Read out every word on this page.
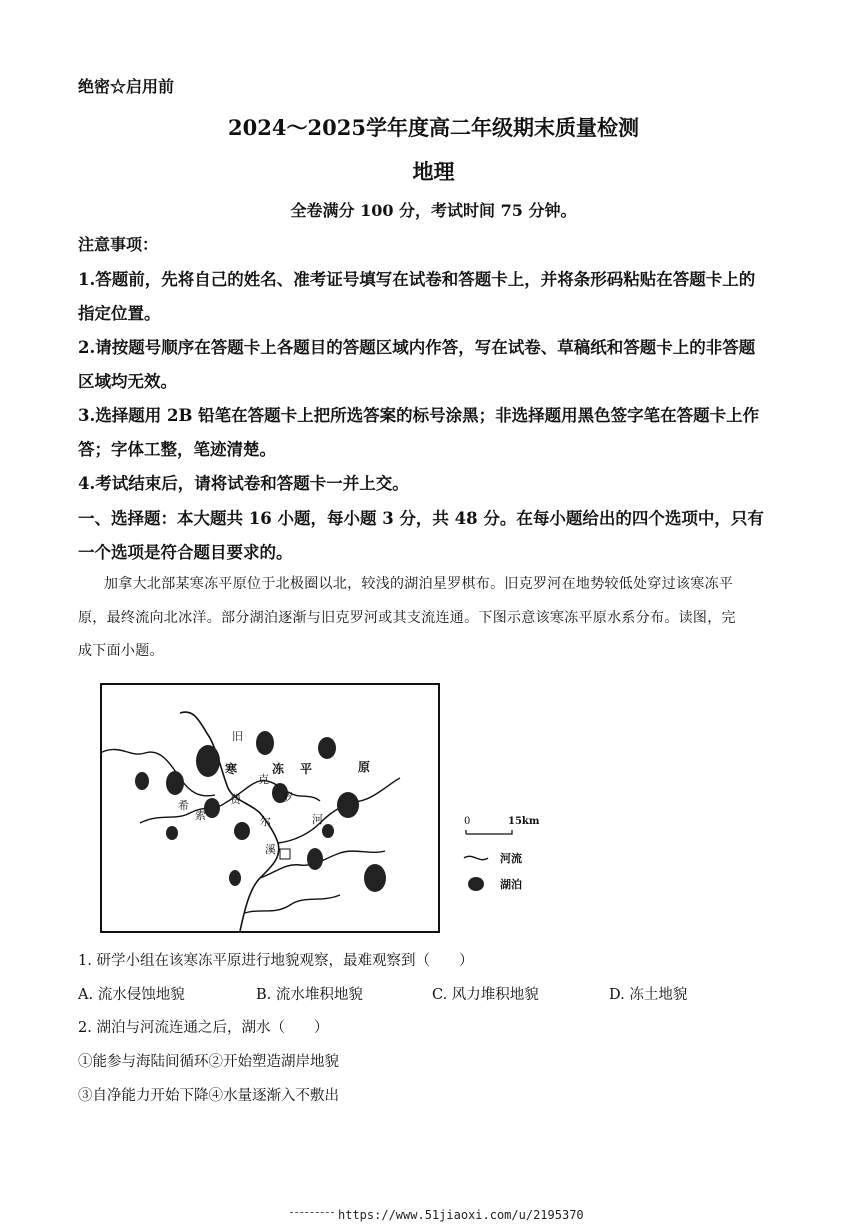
绝密☆启用前
2024～2025学年度高二年级期末质量检测
地理
全卷满分 100 分，考试时间 75 分钟。
注意事项：
1.答题前，先将自己的姓名、准考证号填写在试卷和答题卡上，并将条形码粘贴在答题卡上的
指定位置。
2.请按题号顺序在答题卡上各题目的答题区域内作答，写在试卷、草稿纸和答题卡上的非答题
区域均无效。
3.选择题用 2B 铅笔在答题卡上把所选答案的标号涂黑；非选择题用黑色签字笔在答题卡上作
答；字体工整，笔迹清楚。
4.考试结束后，请将试卷和答题卡一并上交。
一、选择题：本大题共 16 小题，每小题 3 分，共 48 分。在每小题给出的四个选项中，只有
一个选项是符合题目要求的。
加拿大北部某寒冻平原位于北极圈以北，较浅的湖泊星罗棋布。旧克罗河在地势较低处穿过该寒冻平
原，最终流向北冰洋。部分湖泊逐渐与旧克罗河或其支流连通。下图示意该寒冻平原水系分布。读图，完
成下面小题。
旧
寒
克
冻 平	原
罗
河
索	尔
溪
希	费
0	15km
河流
湖泊
1. 研学小组在该寒冻平原进行地貌观察，最难观察到（　　）
A. 流水侵蚀地貌	B. 流水堆积地貌	C. 风力堆积地貌	D. 冻土地貌
2. 湖泊与河流连通之后，湖水（　　）
①能参与海陆间循环②开始塑造湖岸地貌
③自净能力开始下降④水量逐渐入不敷出
https://www.51jiaoxi.com/u/2195370
